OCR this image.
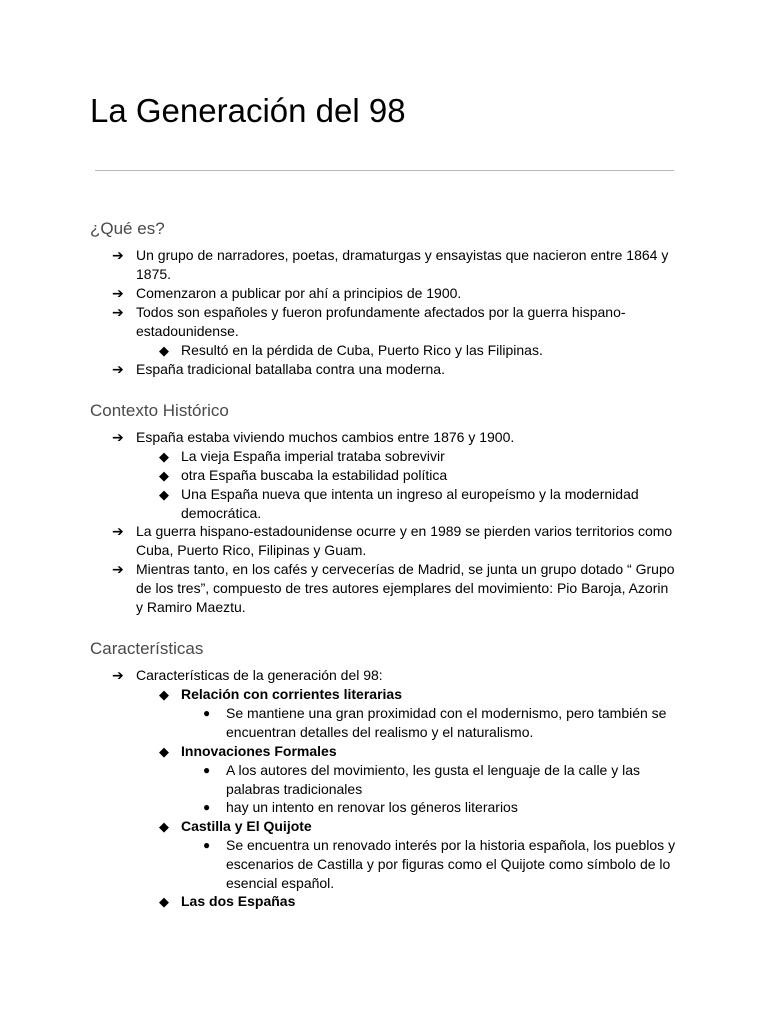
La Generación del 98
¿Qué es?
➔ Un grupo de narradores, poetas, dramaturgas y ensayistas que nacieron entre 1864 y 1875.
➔ Comenzaron a publicar por ahí a principios de 1900.
➔ Todos son españoles y fueron profundamente afectados por la guerra hispano-estadounidense.
◆ Resultó en la pérdida de Cuba, Puerto Rico y las Filipinas.
➔ España tradicional batallaba contra una moderna.
Contexto Histórico
➔ España estaba viviendo muchos cambios entre 1876 y 1900.
◆ La vieja España imperial trataba sobrevivir
◆ otra España buscaba la estabilidad política
◆ Una España nueva que intenta un ingreso al europeísmo y la modernidad democrática.
➔ La guerra hispano-estadounidense ocurre y en 1989 se pierden varios territorios como Cuba, Puerto Rico, Filipinas y Guam.
➔ Mientras tanto, en los cafés y cervecerías de Madrid, se junta un grupo dotado “ Grupo de los tres”, compuesto de tres autores ejemplares del movimiento: Pio Baroja, Azorin y Ramiro Maeztu.
Características
➔ Características de la generación del 98:
◆ Relación con corrientes literarias
● Se mantiene una gran proximidad con el modernismo, pero también se encuentran detalles del realismo y el naturalismo.
◆ Innovaciones Formales
● A los autores del movimiento, les gusta el lenguaje de la calle y las palabras tradicionales
● hay un intento en renovar los géneros literarios
◆ Castilla y El Quijote
● Se encuentra un renovado interés por la historia española, los pueblos y escenarios de Castilla y por figuras como el Quijote como símbolo de lo esencial español.
◆ Las dos Españas
